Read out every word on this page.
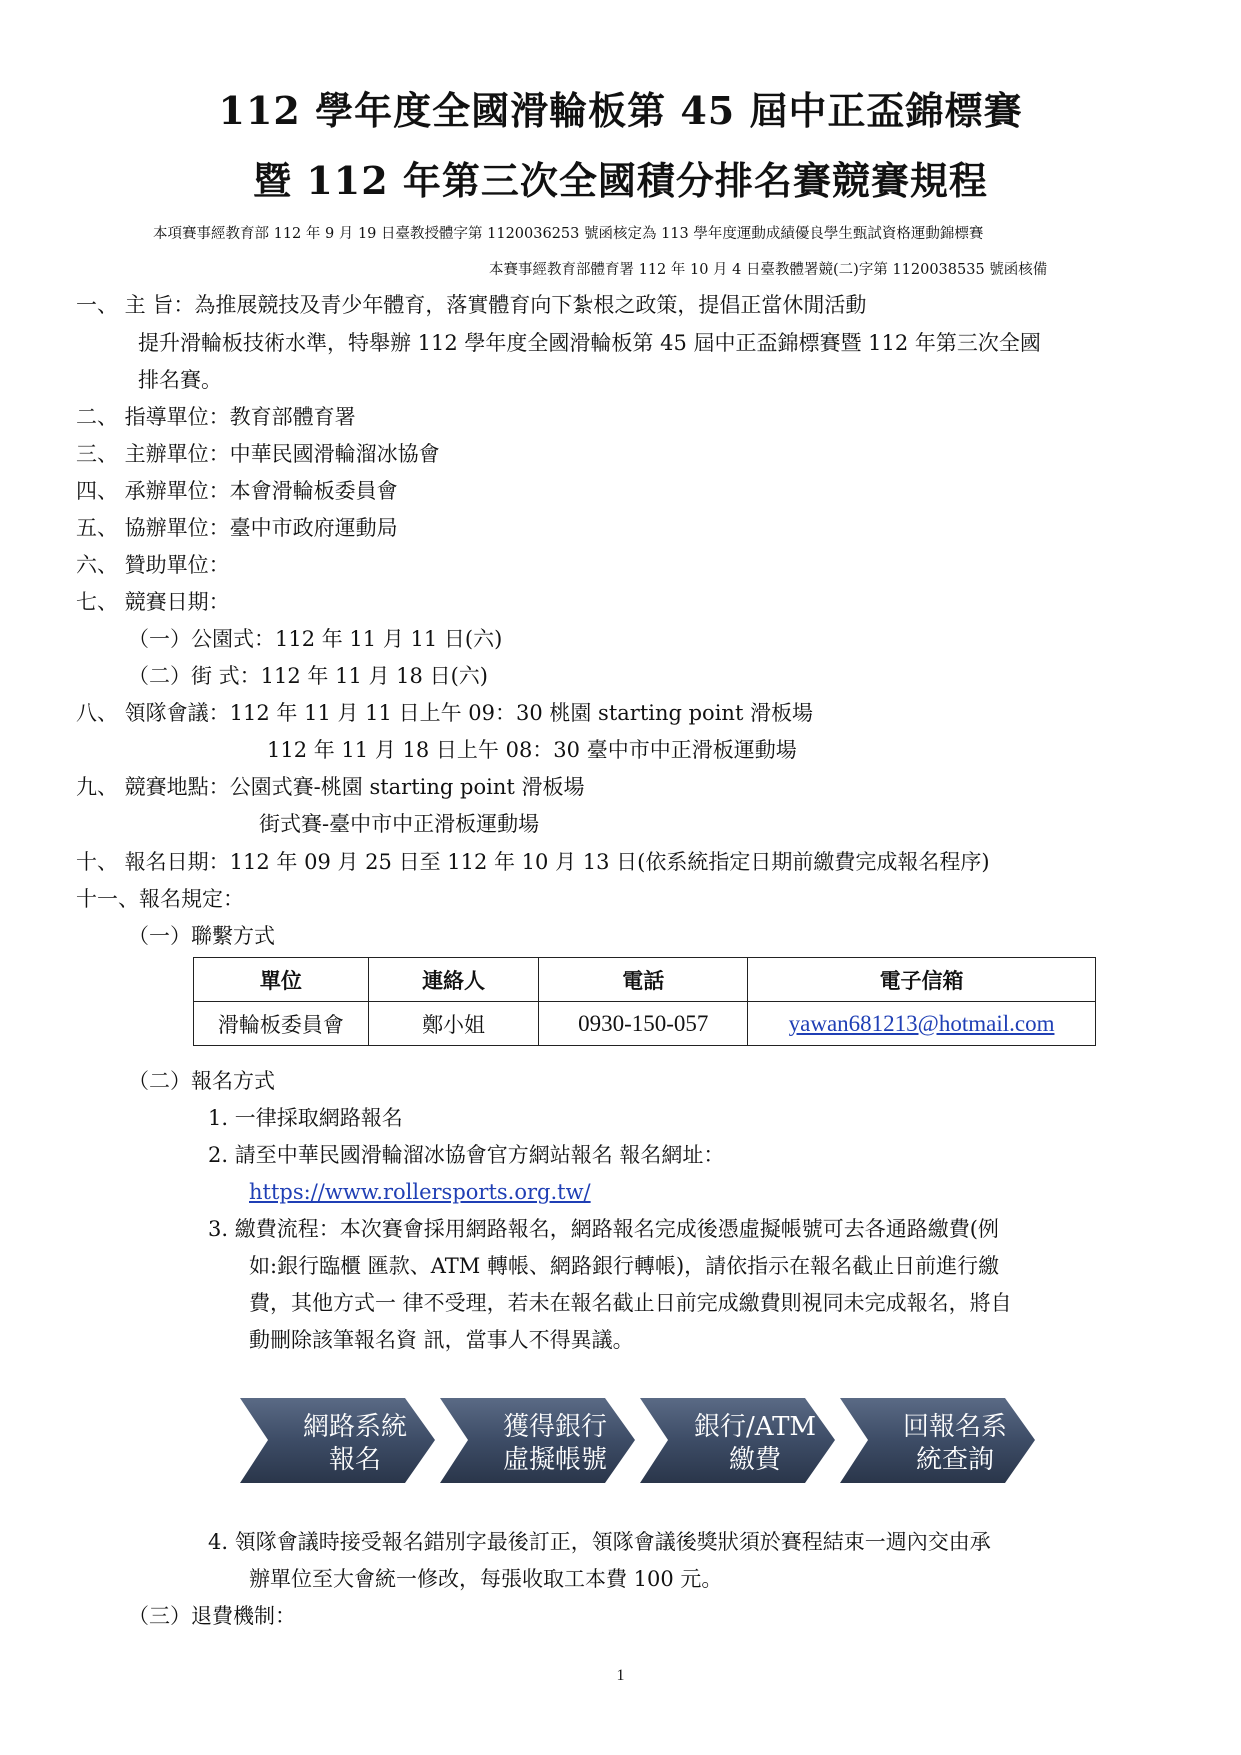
112 學年度全國滑輪板第 45 屆中正盃錦標賽
暨 112 年第三次全國積分排名賽競賽規程
本項賽事經教育部 112 年 9 月 19 日臺教授體字第 1120036253 號函核定為 113 學年度運動成績優良學生甄試資格運動錦標賽
本賽事經教育部體育署 112 年 10 月 4 日臺教體署競(二)字第 1120038535 號函核備
一、 主 旨：為推展競技及青少年體育，落實體育向下紮根之政策，提倡正當休閒活動
提升滑輪板技術水準，特舉辦 112 學年度全國滑輪板第 45 屆中正盃錦標賽暨 112 年第三次全國
排名賽。
二、 指導單位：教育部體育署
三、 主辦單位：中華民國滑輪溜冰協會
四、 承辦單位：本會滑輪板委員會
五、 協辦單位：臺中市政府運動局
六、 贊助單位：
七、 競賽日期：
（一）公園式：112 年 11 月 11 日(六)
（二）街 式：112 年 11 月 18 日(六)
八、 領隊會議：112 年 11 月 11 日上午 09：30 桃園 starting point 滑板場
112 年 11 月 18 日上午 08：30 臺中市中正滑板運動場
九、 競賽地點：公園式賽-桃園 starting point 滑板場
街式賽-臺中市中正滑板運動場
十、 報名日期：112 年 09 月 25 日至 112 年 10 月 13 日(依系統指定日期前繳費完成報名程序)
十一、報名規定：
（一）聯繫方式
單位	連絡人	電話	電子信箱
滑輪板委員會	鄭小姐	0930-150-057	yawan681213@hotmail.com
（二）報名方式
1. 一律採取網路報名
2. 請至中華民國滑輪溜冰協會官方網站報名 報名網址：
https://www.rollersports.org.tw/
3. 繳費流程：本次賽會採用網路報名，網路報名完成後憑虛擬帳號可去各通路繳費(例
如:銀行臨櫃 匯款、ATM 轉帳、網路銀行轉帳)，請依指示在報名截止日前進行繳
費，其他方式一 律不受理，若未在報名截止日前完成繳費則視同未完成報名，將自
動刪除該筆報名資 訊，當事人不得異議。
網路系統
報名
獲得銀行
虛擬帳號
銀行/ATM
繳費
回報名系
統查詢
4. 領隊會議時接受報名錯別字最後訂正，領隊會議後獎狀須於賽程結束一週內交由承
辦單位至大會統一修改，每張收取工本費 100 元。
（三）退費機制：
1
